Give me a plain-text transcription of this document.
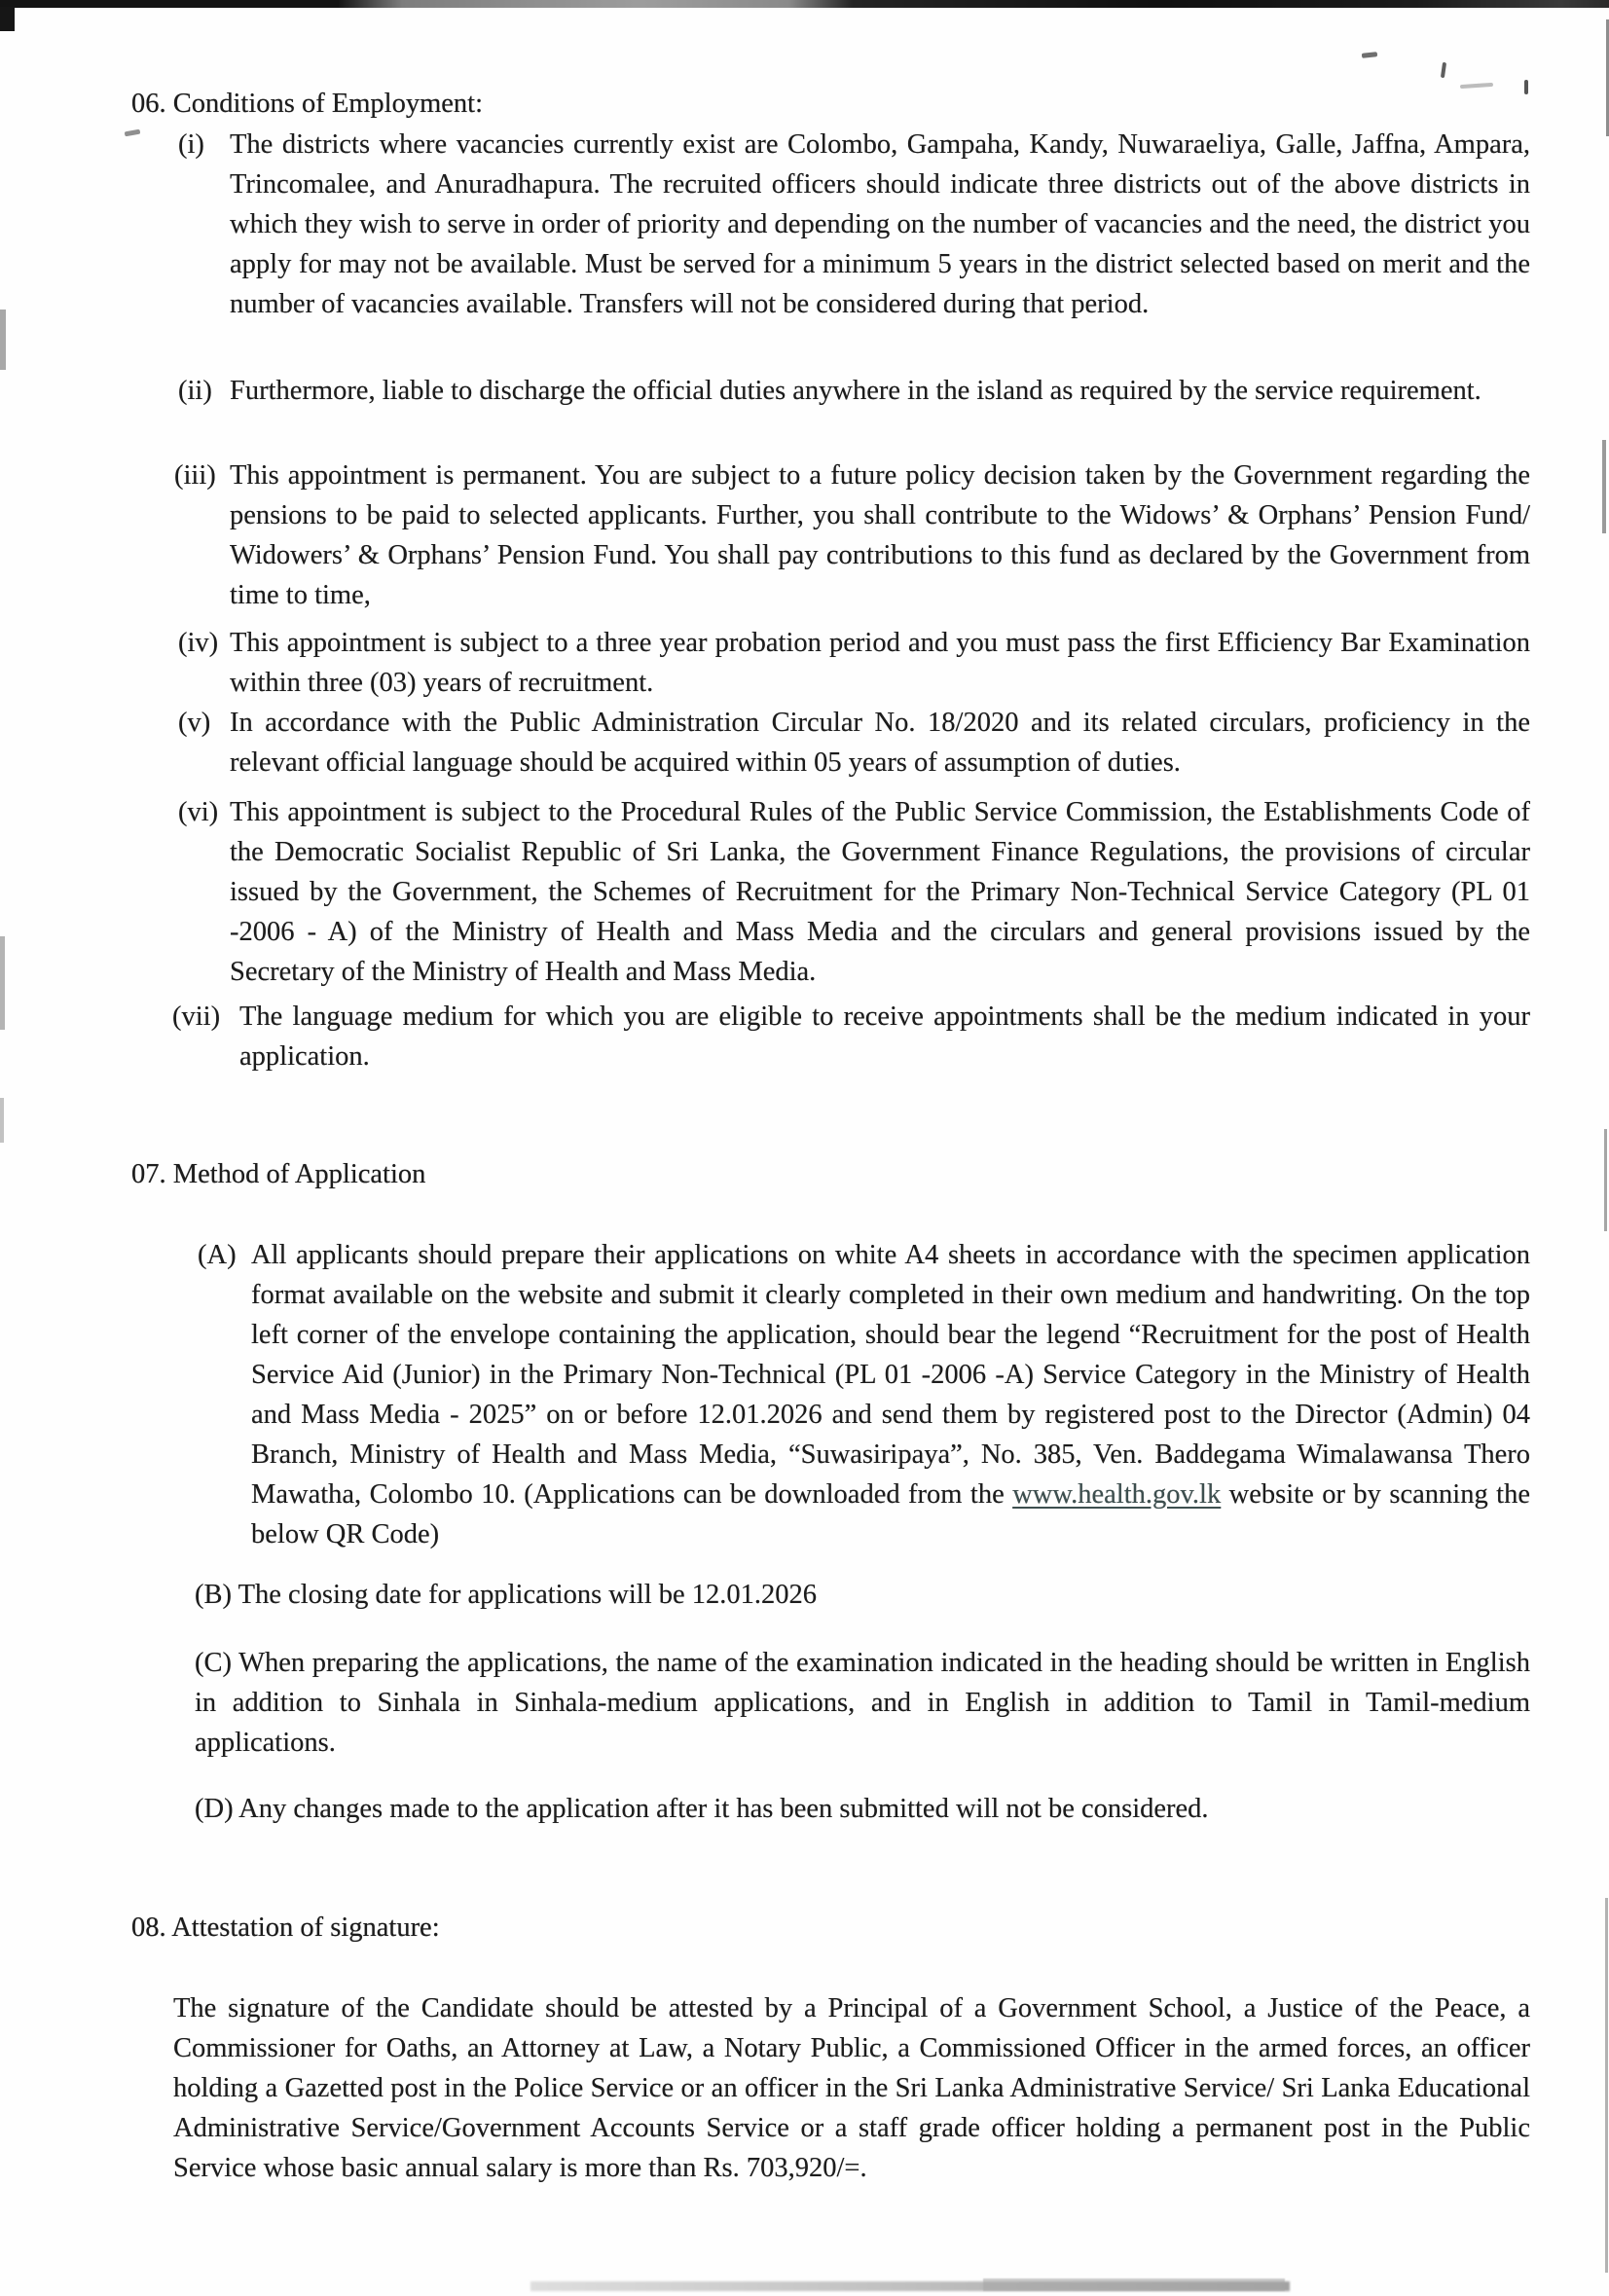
06. Conditions of Employment:
(i) The districts where vacancies currently exist are Colombo, Gampaha, Kandy, Nuwaraeliya, Galle, Jaffna, Ampara, Trincomalee, and Anuradhapura. The recruited officers should indicate three districts out of the above districts in which they wish to serve in order of priority and depending on the number of vacancies and the need, the district you apply for may not be available. Must be served for a minimum 5 years in the district selected based on merit and the number of vacancies available. Transfers will not be considered during that period.
(ii) Furthermore, liable to discharge the official duties anywhere in the island as required by the service requirement.
(iii) This appointment is permanent. You are subject to a future policy decision taken by the Government regarding the pensions to be paid to selected applicants. Further, you shall contribute to the Widows’ & Orphans’ Pension Fund/ Widowers’ & Orphans’ Pension Fund. You shall pay contributions to this fund as declared by the Government from time to time,
(iv) This appointment is subject to a three year probation period and you must pass the first Efficiency Bar Examination within three (03) years of recruitment.
(v) In accordance with the Public Administration Circular No. 18/2020 and its related circulars, proficiency in the relevant official language should be acquired within 05 years of assumption of duties.
(vi) This appointment is subject to the Procedural Rules of the Public Service Commission, the Establishments Code of the Democratic Socialist Republic of Sri Lanka, the Government Finance Regulations, the provisions of circular issued by the Government, the Schemes of Recruitment for the Primary Non-Technical Service Category (PL 01 -2006 - A) of the Ministry of Health and Mass Media and the circulars and general provisions issued by the Secretary of the Ministry of Health and Mass Media.
(vii) The language medium for which you are eligible to receive appointments shall be the medium indicated in your application.
07. Method of Application
(A) All applicants should prepare their applications on white A4 sheets in accordance with the specimen application format available on the website and submit it clearly completed in their own medium and handwriting. On the top left corner of the envelope containing the application, should bear the legend “Recruitment for the post of Health Service Aid (Junior) in the Primary Non-Technical (PL 01 -2006 -A) Service Category in the Ministry of Health and Mass Media - 2025” on or before 12.01.2026 and send them by registered post to the Director (Admin) 04 Branch, Ministry of Health and Mass Media, “Suwasiripaya”, No. 385, Ven. Baddegama Wimalawansa Thero Mawatha, Colombo 10. (Applications can be downloaded from the www.health.gov.lk website or by scanning the below QR Code)
(B) The closing date for applications will be 12.01.2026
(C) When preparing the applications, the name of the examination indicated in the heading should be written in English in addition to Sinhala in Sinhala-medium applications, and in English in addition to Tamil in Tamil-medium applications.
(D) Any changes made to the application after it has been submitted will not be considered.
08. Attestation of signature:
The signature of the Candidate should be attested by a Principal of a Government School, a Justice of the Peace, a Commissioner for Oaths, an Attorney at Law, a Notary Public, a Commissioned Officer in the armed forces, an officer holding a Gazetted post in the Police Service or an officer in the Sri Lanka Administrative Service/ Sri Lanka Educational Administrative Service/Government Accounts Service or a staff grade officer holding a permanent post in the Public Service whose basic annual salary is more than Rs. 703,920/=.
